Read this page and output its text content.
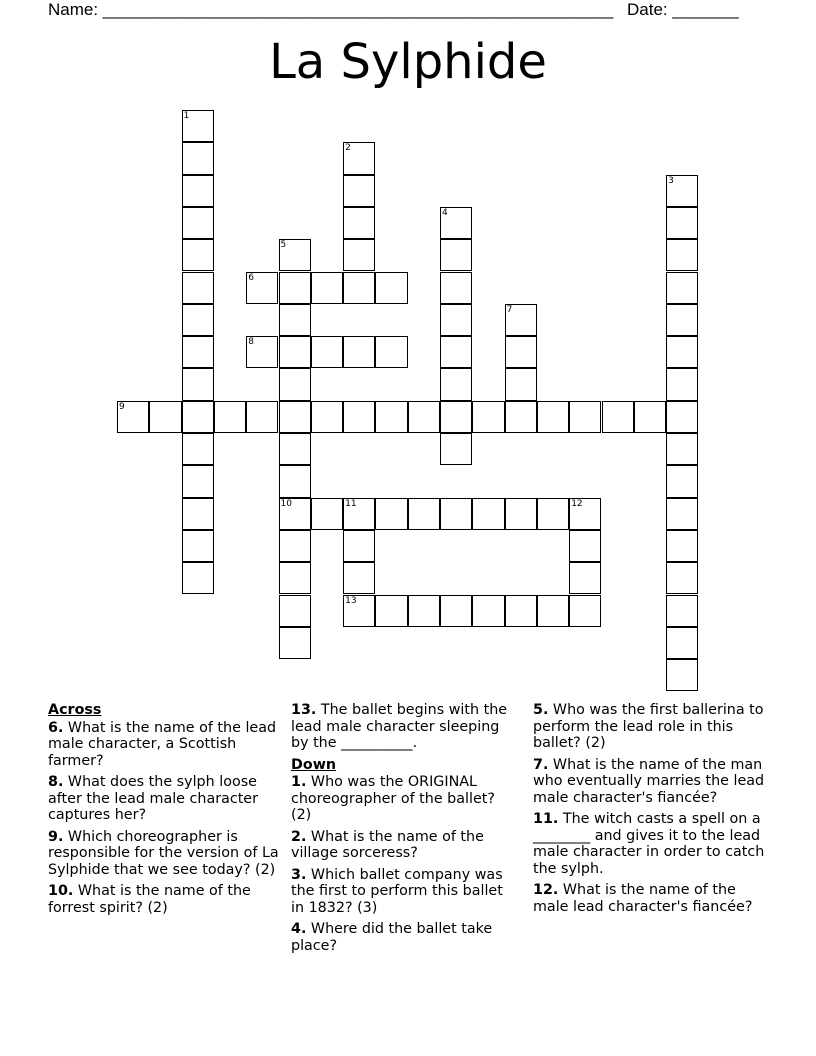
Name: ______________________________________________________ Date: _______
La Sylphide
1
2
3
4
5
10
6
7
8
9
11	12
13
Across
6. What is the name of the lead male character, a Scottish farmer?
8. What does the sylph loose after the lead male character captures her?
9. Which choreographer is responsible for the version of La Sylphide that we see today? (2)
10. What is the name of the forrest spirit? (2)
13. The ballet begins with the lead male character sleeping by the __________.
Down
1. Who was the ORIGINAL choreographer of the ballet? (2)
2. What is the name of the village sorceress?
3. Which ballet company was the first to perform this ballet in 1832? (3)
4. Where did the ballet take place?
5. Who was the first ballerina to perform the lead role in this ballet? (2)
7. What is the name of the man who eventually marries the lead male character's fiancée?
11. The witch casts a spell on a ________ and gives it to the lead male character in order to catch the sylph.
12. What is the name of the male lead character's fiancée?
